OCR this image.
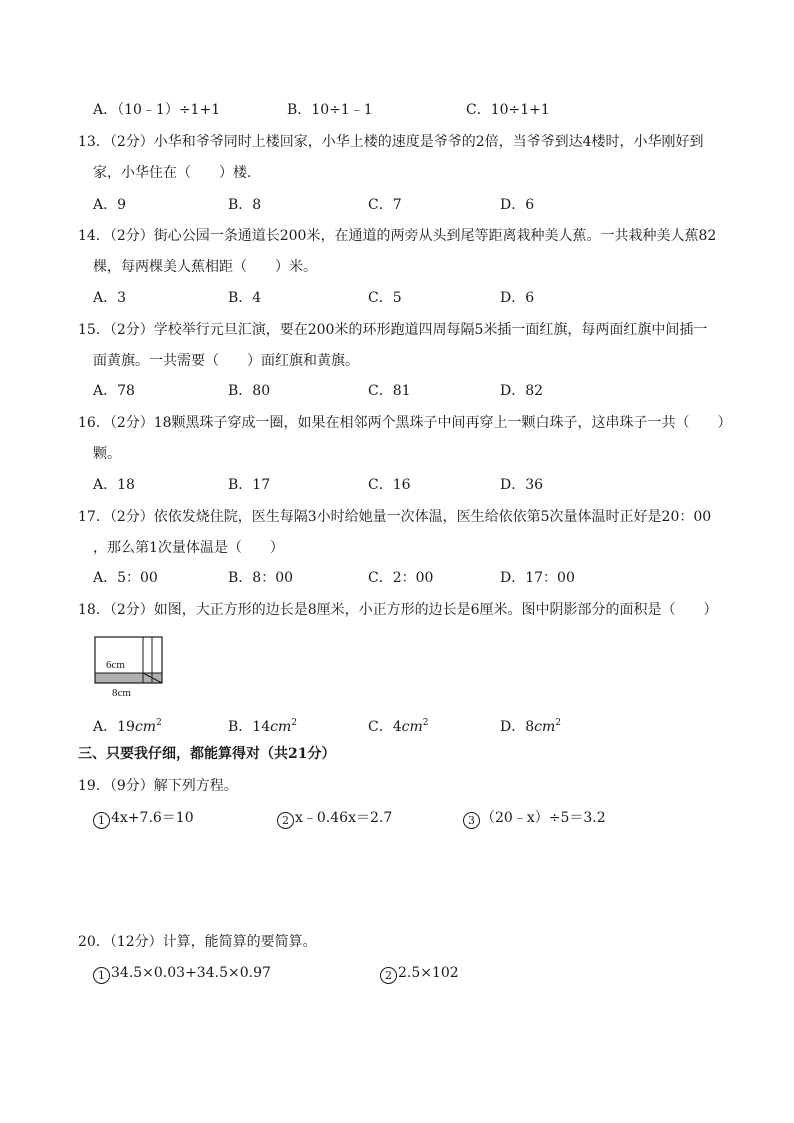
A．（10﹣1）÷1+1	B．10÷1﹣1	C．10÷1+1
13．（2分）小华和爷爷同时上楼回家，小华上楼的速度是爷爷的2倍，当爷爷到达4楼时，小华刚好到
家，小华住在（　　）楼．
A．9	B．8	C．7	D．6
14．（2分）街心公园一条通道长200米，在通道的两旁从头到尾等距离栽种美人蕉。一共栽种美人蕉82
棵，每两棵美人蕉相距（　　）米。
A．3	B．4	C．5	D．6
15．（2分）学校举行元旦汇演，要在200米的环形跑道四周每隔5米插一面红旗，每两面红旗中间插一
面黄旗。一共需要（　　）面红旗和黄旗。
A．78	B．80	C．81	D．82
16．（2分）18颗黑珠子穿成一圈，如果在相邻两个黑珠子中间再穿上一颗白珠子，这串珠子一共（　　）
颗。
A．18	B．17	C．16	D．36
17．（2分）依依发烧住院，医生每隔3小时给她量一次体温，医生给依依第5次量体温时正好是20：00
，那么第1次量体温是（　　）
A．5：00	B．8：00	C．2：00	D．17：00
18．（2分）如图，大正方形的边长是8厘米，小正方形的边长是6厘米。图中阴影部分的面积是（　　）
6cm
8cm
A．$19cm^2$	B．$14cm^2$	C．$4cm^2$	D．$8cm^2$
三、只要我仔细，都能算得对（共21分）
19．（9分）解下列方程。
1 4x+7.6＝10	2 x﹣0.46x＝2.7	3 （20﹣x）÷5＝3.2
20．（12分）计算，能简算的要简算。
1 34.5×0.03+34.5×0.97	2 2.5×102
